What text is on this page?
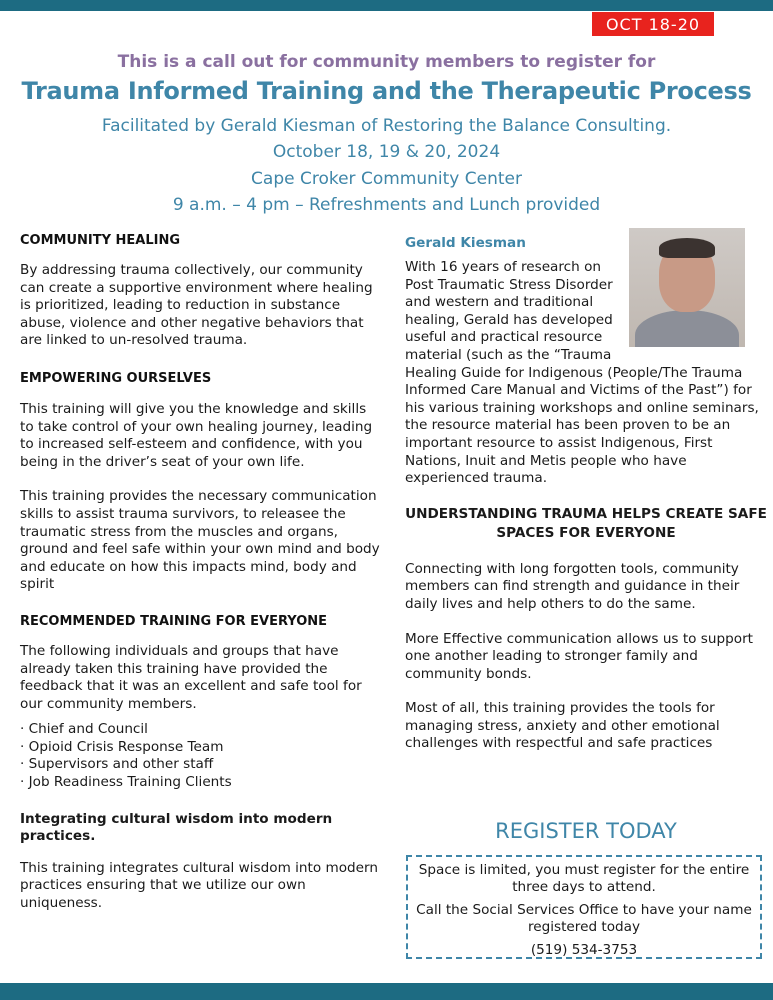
OCT 18-20
This is a call out for community members to register for
Trauma Informed Training and the Therapeutic Process
Facilitated by Gerald Kiesman of Restoring the Balance Consulting.
October 18, 19 & 20, 2024
Cape Croker Community Center
9 a.m. – 4 pm – Refreshments and Lunch provided

COMMUNITY HEALING

By addressing trauma collectively, our community can create a supportive environment where healing is prioritized, leading to reduction in substance abuse, violence and other negative behaviors that are linked to un-resolved trauma.

EMPOWERING OURSELVES

This training will give you the knowledge and skills to take control of your own healing journey, leading to increased self-esteem and confidence, with you being in the driver’s seat of your own life.

This training provides the necessary communication skills to assist trauma survivors, to releasee the traumatic stress from the muscles and organs, ground and feel safe within your own mind and body and educate on how this impacts mind, body and spirit

RECOMMENDED TRAINING FOR EVERYONE

The following individuals and groups that have already taken this training have provided the feedback that it was an excellent and safe tool for our community members.

· Chief and Council
· Opioid Crisis Response Team
· Supervisors and other staff
· Job Readiness Training Clients

Integrating cultural wisdom into modern practices.

This training integrates cultural wisdom into modern practices ensuring that we utilize our own uniqueness.

Gerald Kiesman

With 16 years of research on Post Traumatic Stress Disorder and western and traditional healing, Gerald has developed useful and practical resource material (such as the “Trauma Healing Guide for Indigenous (People/The Trauma Informed Care Manual and Victims of the Past”) for his various training workshops and online seminars, the resource material has been proven to be an important resource to assist Indigenous, First Nations, Inuit and Metis people who have experienced trauma.

UNDERSTANDING TRAUMA HELPS CREATE SAFE SPACES FOR EVERYONE

Connecting with long forgotten tools, community members can find strength and guidance in their daily lives and help others to do the same.

More Effective communication allows us to support one another leading to stronger family and community bonds.

Most of all, this training provides the tools for managing stress, anxiety and other emotional challenges with respectful and safe practices

REGISTER TODAY

Space is limited, you must register for the entire three days to attend.

Call the Social Services Office to have your name registered today

(519) 534-3753
